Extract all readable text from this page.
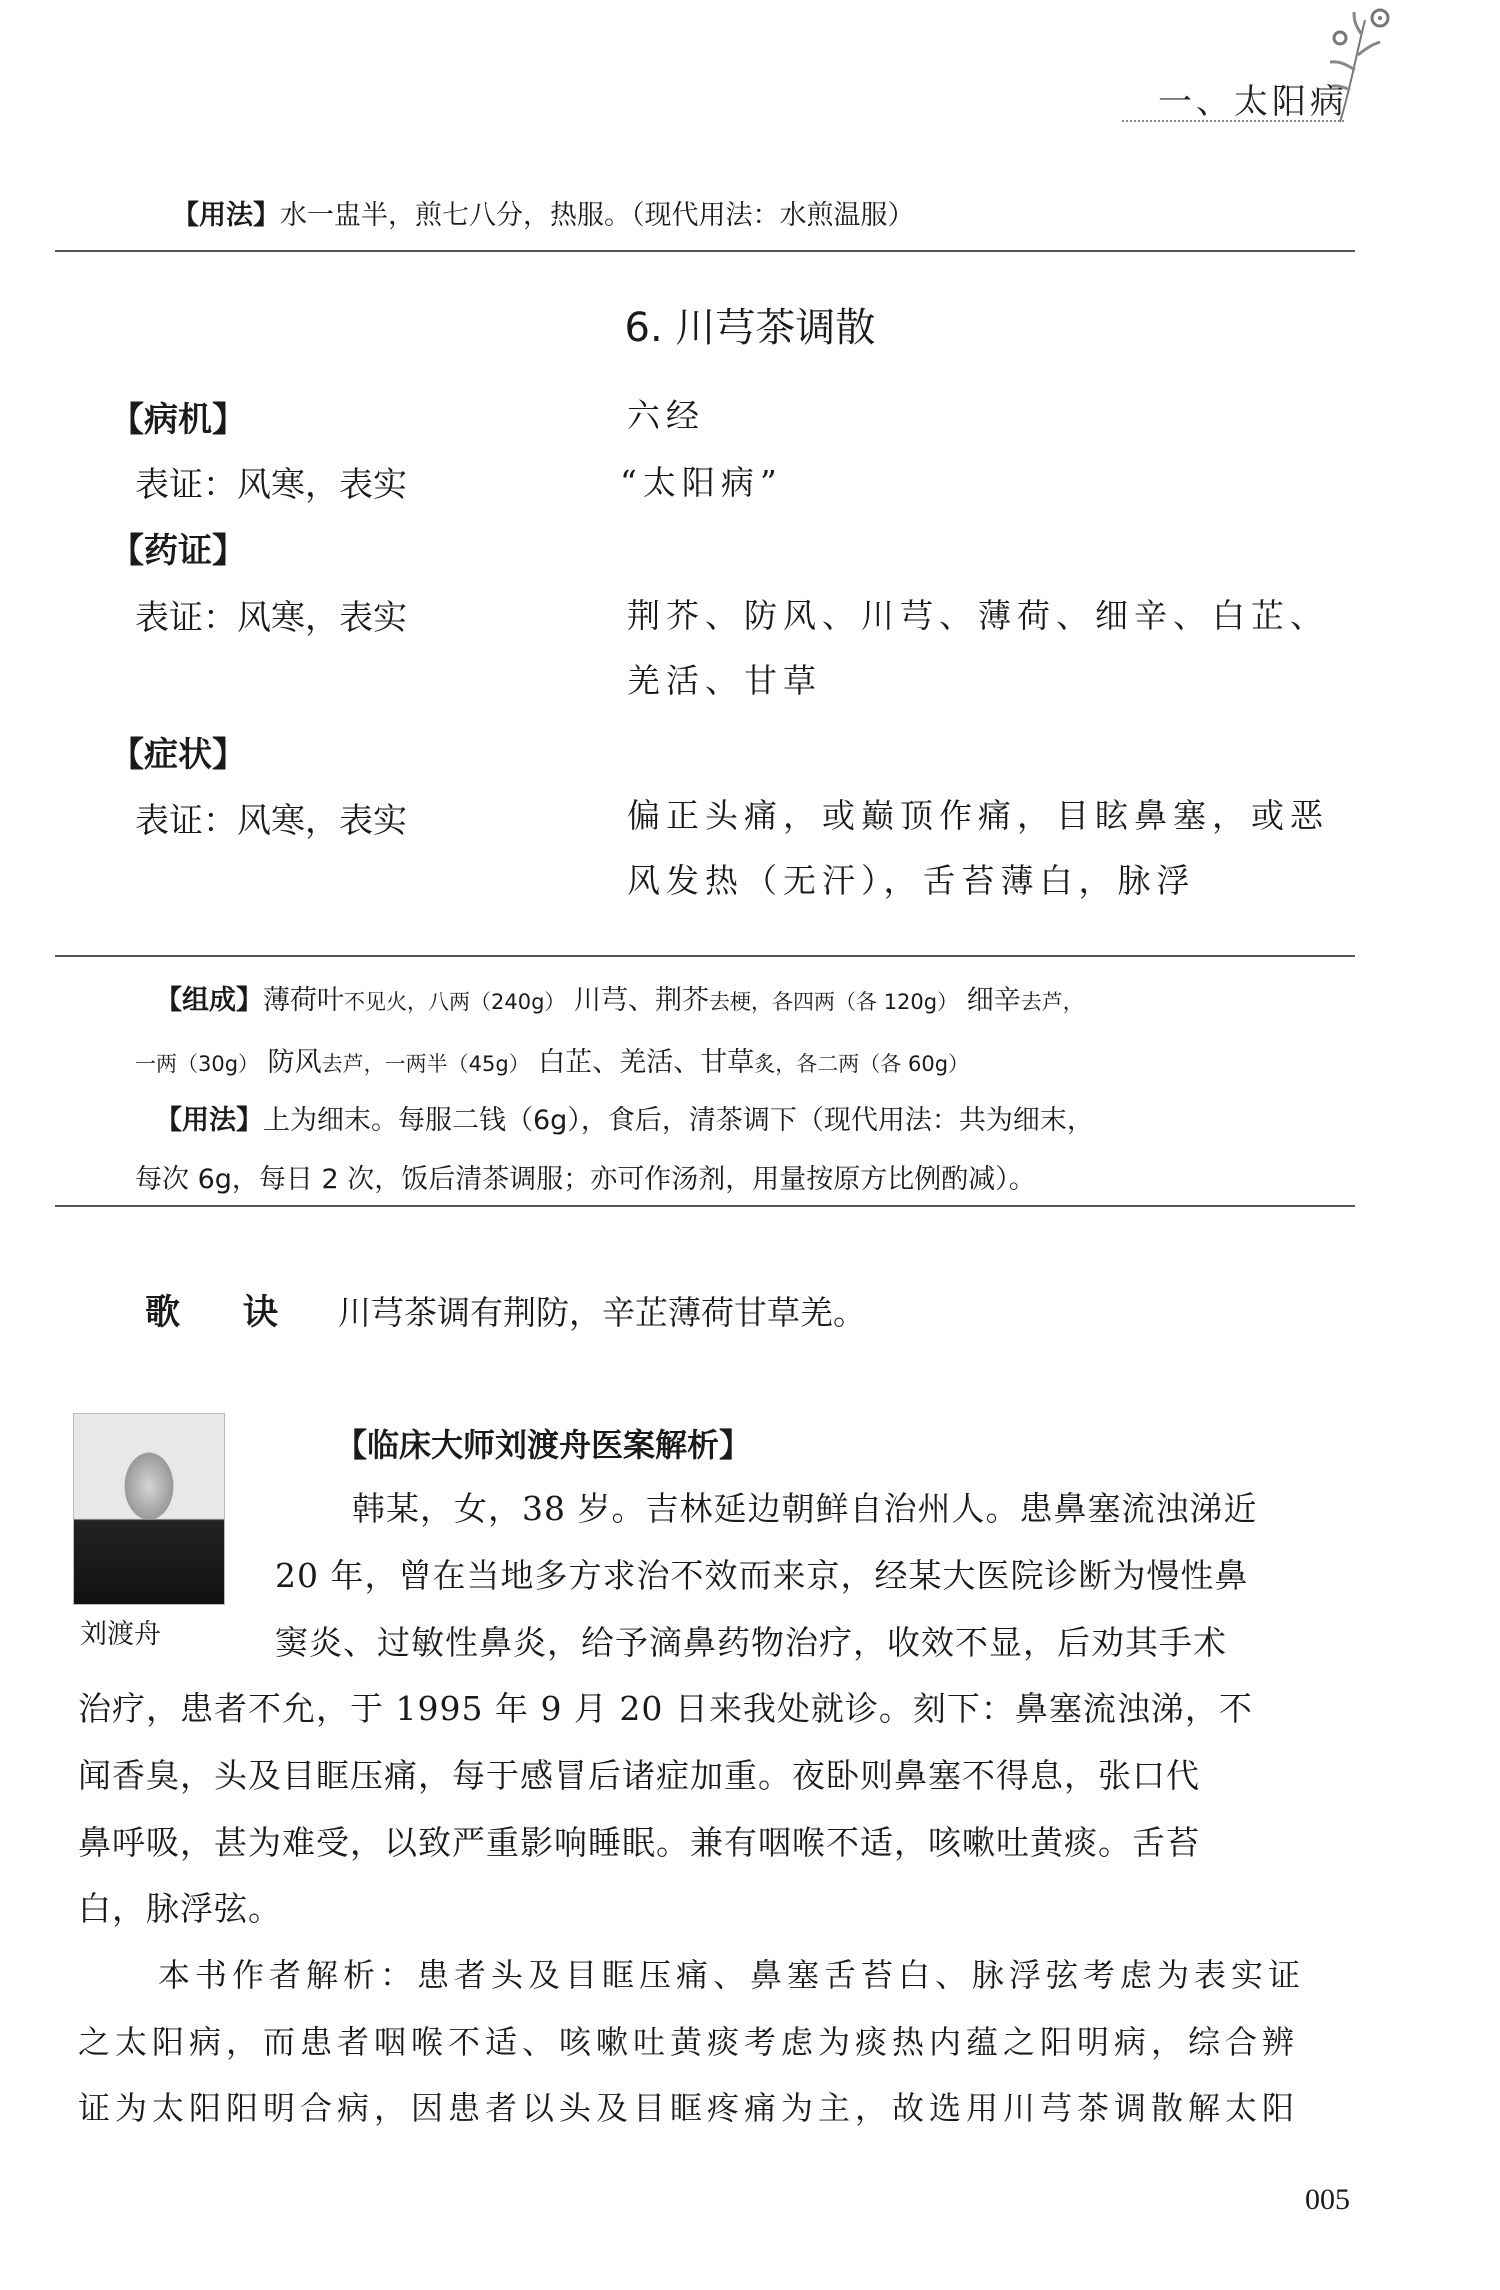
一、太阳病
【用法】水一盅半，煎七八分，热服。（现代用法：水煎温服）
6. 川芎茶调散
【病机】	六经
表证：风寒，表实	“太阳病”
【药证】
表证：风寒，表实	荆芥、防风、川芎、薄荷、细辛、白芷、
羌活、甘草
【症状】
表证：风寒，表实	偏正头痛，或巅顶作痛，目眩鼻塞，或恶
风发热（无汗），舌苔薄白，脉浮
【组成】薄荷叶不见火，八两（240g） 川芎、荆芥去梗，各四两（各 120g） 细辛去芦，
一两（30g） 防风去芦，一两半（45g） 白芷、羌活、甘草炙，各二两（各 60g）
【用法】上为细末。每服二钱（6g），食后，清茶调下（现代用法：共为细末，
每次 6g，每日 2 次，饭后清茶调服；亦可作汤剂，用量按原方比例酌减）。
歌　诀 川芎茶调有荆防，辛芷薄荷甘草羌。
刘渡舟
【临床大师刘渡舟医案解析】
韩某，女，38 岁。吉林延边朝鲜自治州人。患鼻塞流浊涕近
20 年，曾在当地多方求治不效而来京，经某大医院诊断为慢性鼻
窦炎、过敏性鼻炎，给予滴鼻药物治疗，收效不显，后劝其手术
治疗，患者不允，于 1995 年 9 月 20 日来我处就诊。刻下：鼻塞流浊涕，不
闻香臭，头及目眶压痛，每于感冒后诸症加重。夜卧则鼻塞不得息，张口代
鼻呼吸，甚为难受，以致严重影响睡眠。兼有咽喉不适，咳嗽吐黄痰。舌苔
白，脉浮弦。
本书作者解析：患者头及目眶压痛、鼻塞舌苔白、脉浮弦考虑为表实证
之太阳病，而患者咽喉不适、咳嗽吐黄痰考虑为痰热内蕴之阳明病，综合辨
证为太阳阳明合病，因患者以头及目眶疼痛为主，故选用川芎茶调散解太阳
005
